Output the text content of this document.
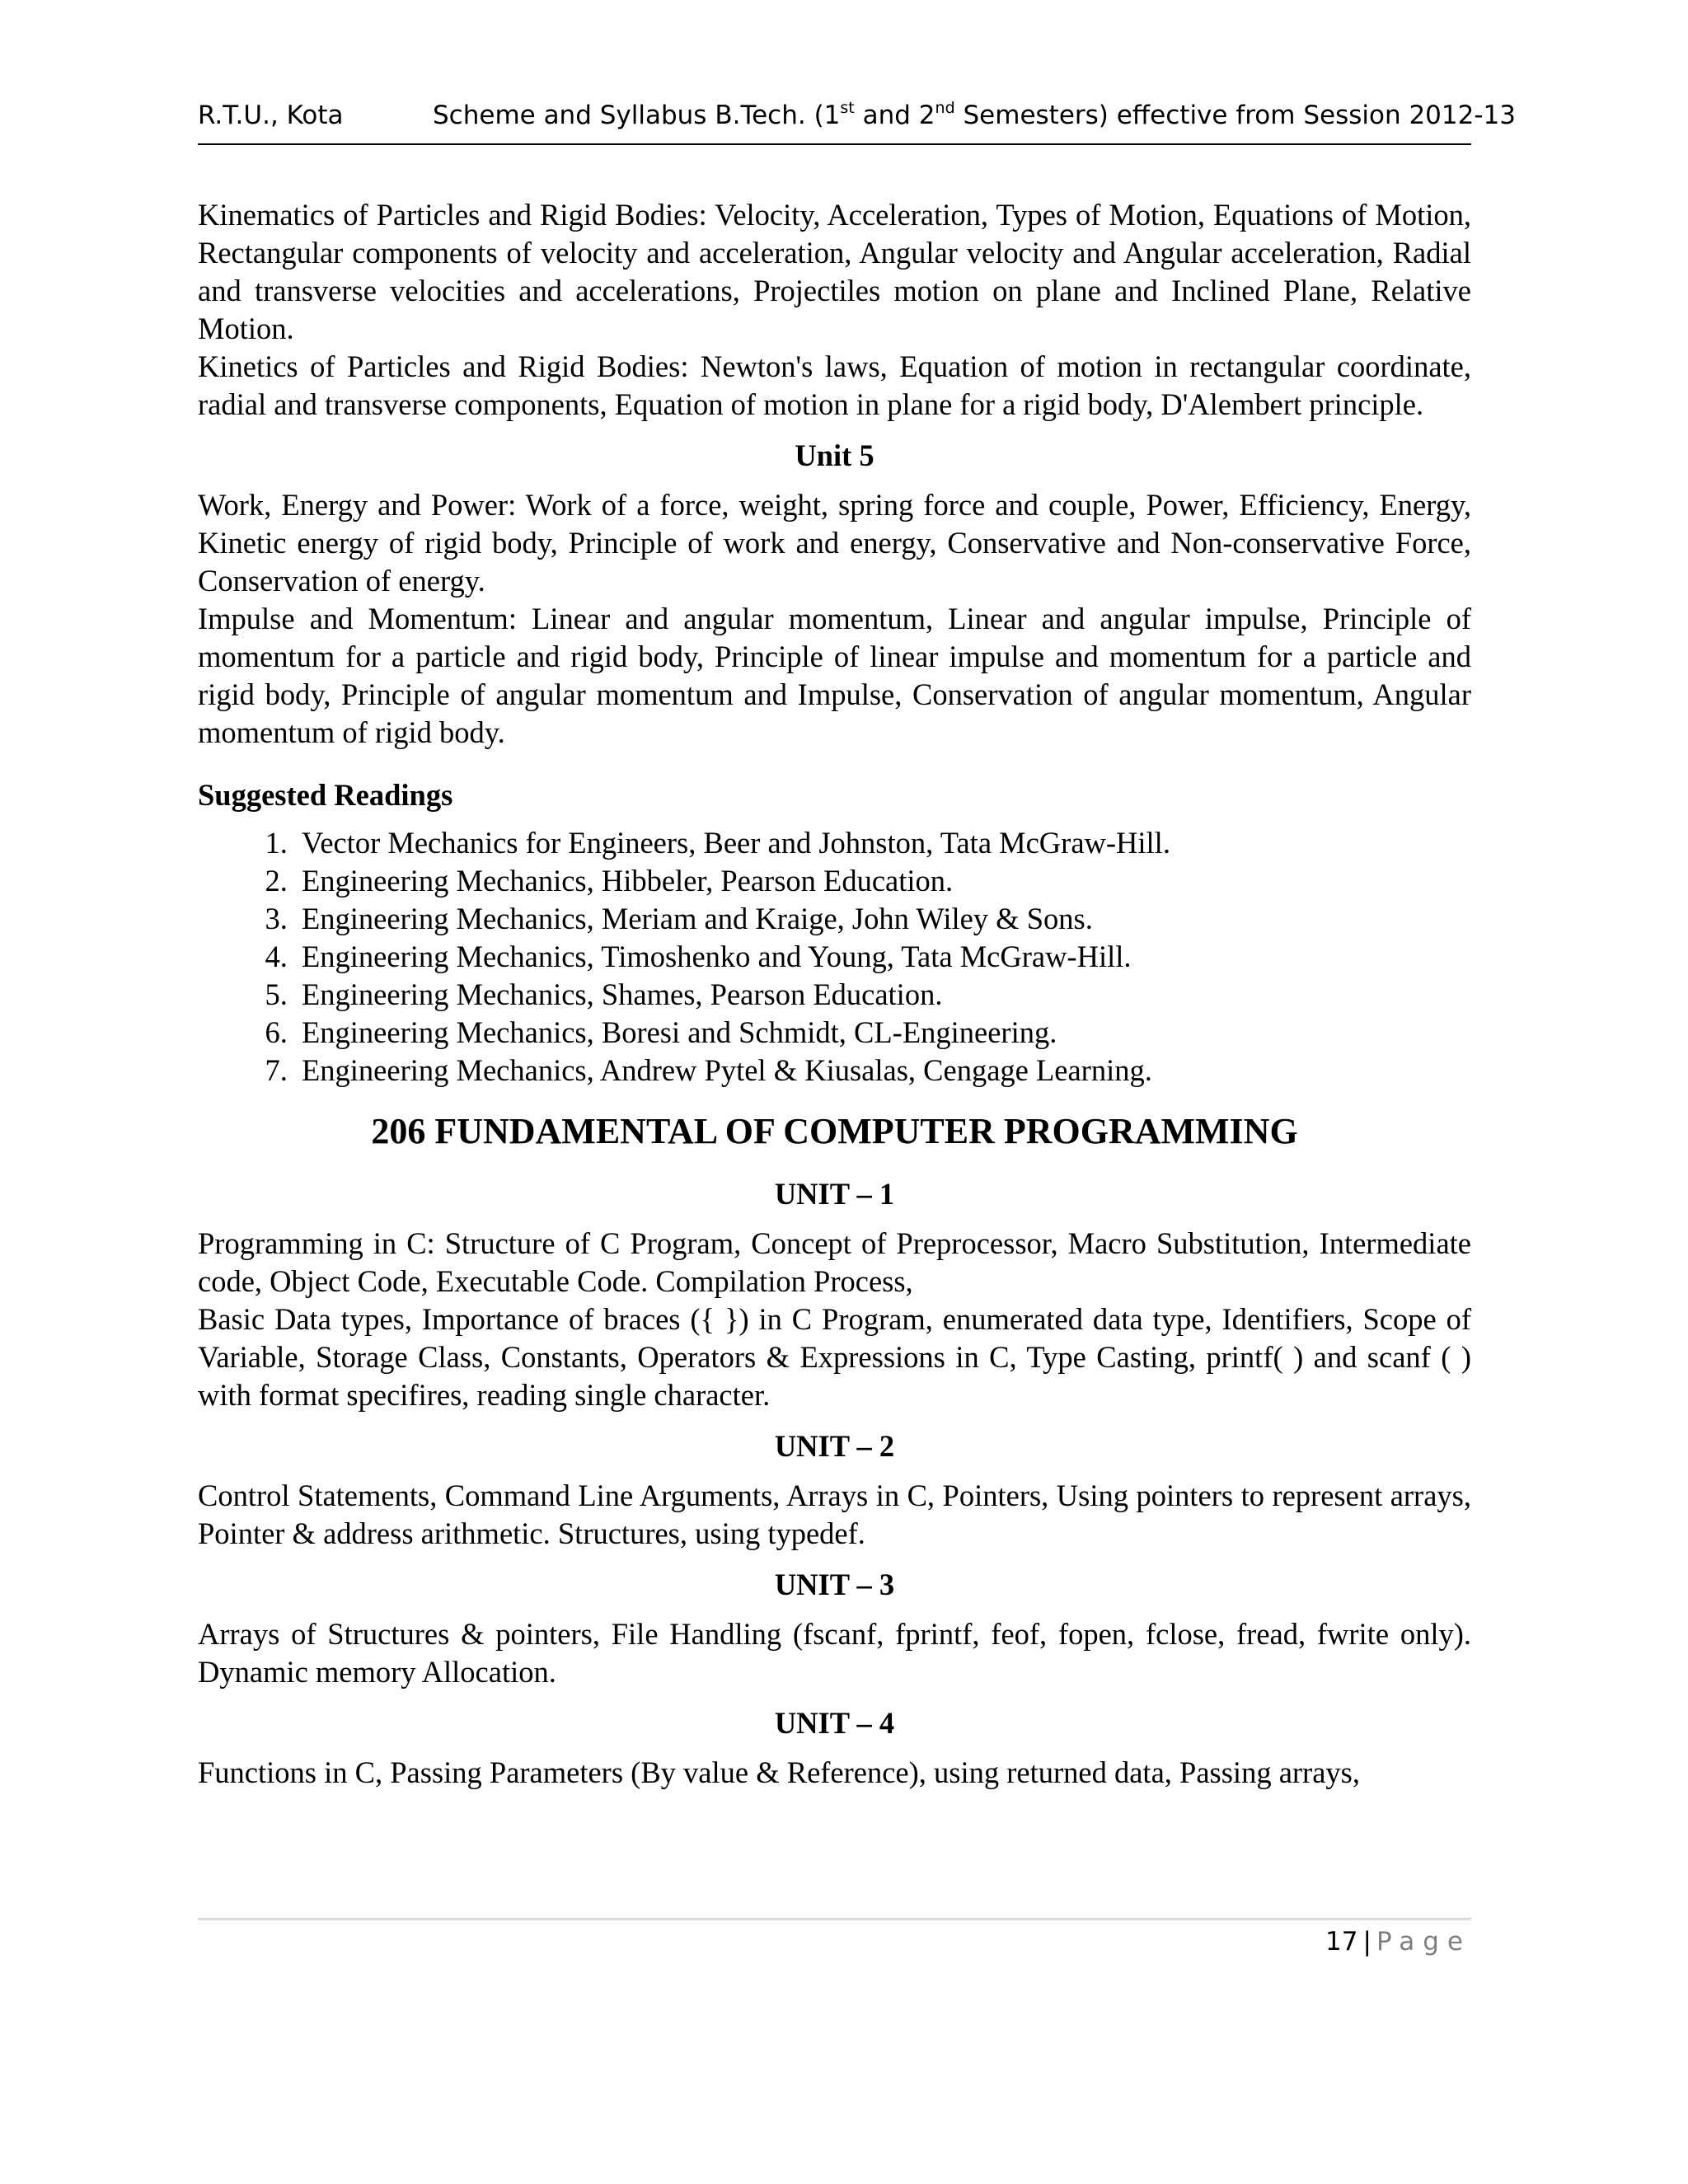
R.T.U., Kota	Scheme and Syllabus B.Tech. (1st and 2nd Semesters) effective from Session 2012-13

Kinematics of Particles and Rigid Bodies: Velocity, Acceleration, Types of Motion, Equations of Motion, Rectangular components of velocity and acceleration, Angular velocity and Angular acceleration, Radial and transverse velocities and accelerations, Projectiles motion on plane and Inclined Plane, Relative Motion.

Kinetics of Particles and Rigid Bodies: Newton's laws, Equation of motion in rectangular coordinate, radial and transverse components, Equation of motion in plane for a rigid body, D'Alembert principle.

Unit 5

Work, Energy and Power: Work of a force, weight, spring force and couple, Power, Efficiency, Energy, Kinetic energy of rigid body, Principle of work and energy, Conservative and Non-conservative Force, Conservation of energy.

Impulse and Momentum: Linear and angular momentum, Linear and angular impulse, Principle of momentum for a particle and rigid body, Principle of linear impulse and momentum for a particle and rigid body, Principle of angular momentum and Impulse, Conservation of angular momentum, Angular momentum of rigid body.

Suggested Readings
1. Vector Mechanics for Engineers, Beer and Johnston, Tata McGraw-Hill.
2. Engineering Mechanics, Hibbeler, Pearson Education.
3. Engineering Mechanics, Meriam and Kraige, John Wiley & Sons.
4. Engineering Mechanics, Timoshenko and Young, Tata McGraw-Hill.
5. Engineering Mechanics, Shames, Pearson Education.
6. Engineering Mechanics, Boresi and Schmidt, CL-Engineering.
7. Engineering Mechanics, Andrew Pytel & Kiusalas, Cengage Learning.
206 FUNDAMENTAL OF COMPUTER PROGRAMMING
UNIT – 1

Programming in C: Structure of C Program, Concept of Preprocessor, Macro Substitution, Intermediate code, Object Code, Executable Code. Compilation Process,

Basic Data types, Importance of braces ({ }) in C Program, enumerated data type, Identifiers, Scope of Variable, Storage Class, Constants, Operators & Expressions in C, Type Casting, printf( ) and scanf ( ) with format specifires, reading single character.

UNIT – 2

Control Statements, Command Line Arguments, Arrays in C, Pointers, Using pointers to represent arrays, Pointer & address arithmetic. Structures, using typedef.

UNIT – 3

Arrays of Structures & pointers, File Handling (fscanf, fprintf, feof, fopen, fclose, fread, fwrite only). Dynamic memory Allocation.

UNIT – 4

Functions in C, Passing Parameters (By value & Reference), using returned data, Passing arrays,

17 | Page
